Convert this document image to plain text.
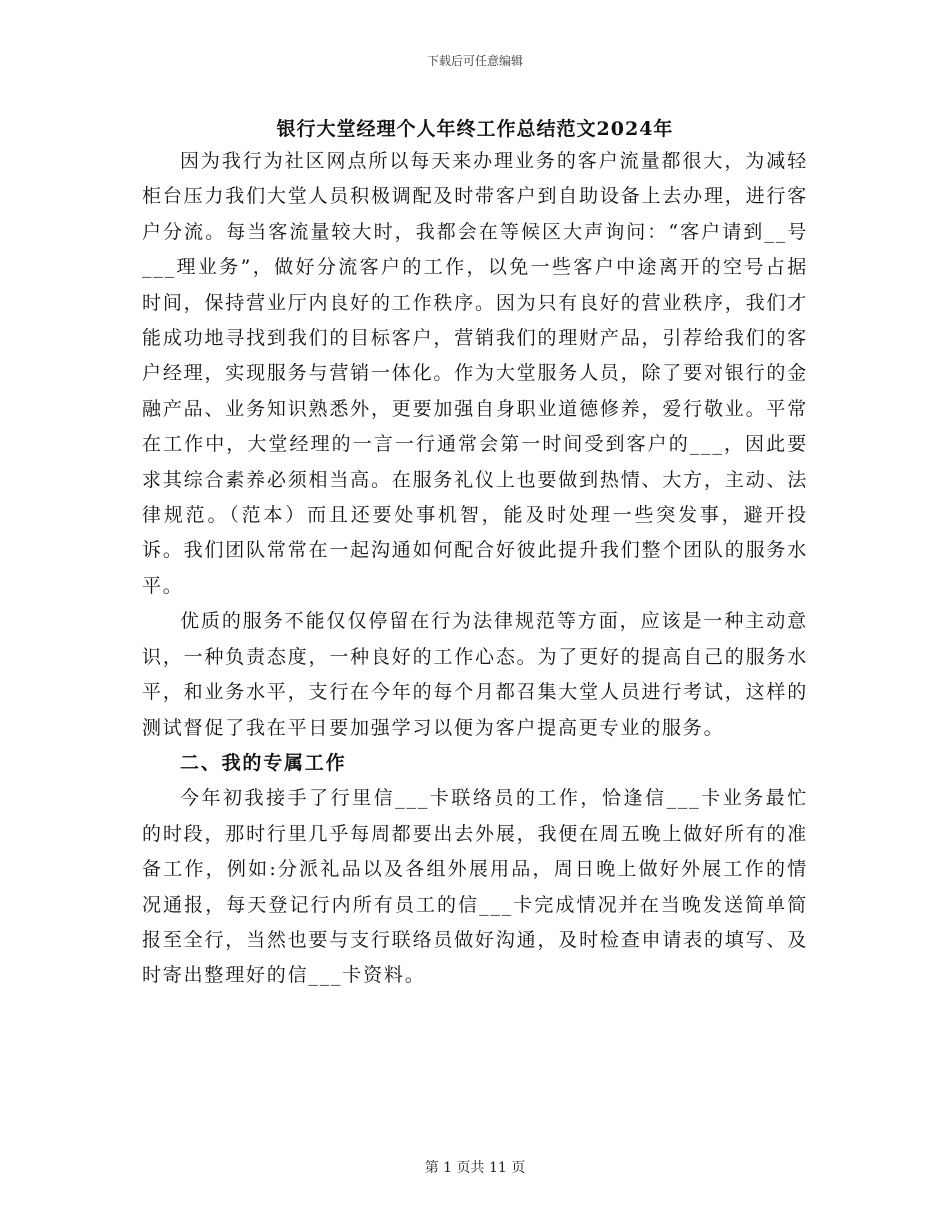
下载后可任意编辑
银行大堂经理个人年终工作总结范文2024年

因为我行为社区网点所以每天来办理业务的客户流量都很大，为减轻柜台压力我们大堂人员积极调配及时带客户到自助设备上去办理，进行客户分流。每当客流量较大时，我都会在等候区大声询问：“客户请到__号___理业务”，做好分流客户的工作，以免一些客户中途离开的空号占据时间，保持营业厅内良好的工作秩序。因为只有良好的营业秩序，我们才能成功地寻找到我们的目标客户，营销我们的理财产品，引荐给我们的客户经理，实现服务与营销一体化。作为大堂服务人员，除了要对银行的金融产品、业务知识熟悉外，更要加强自身职业道德修养，爱行敬业。平常在工作中，大堂经理的一言一行通常会第一时间受到客户的___，因此要求其综合素养必须相当高。在服务礼仪上也要做到热情、大方，主动、法律规范。（范本）而且还要处事机智，能及时处理一些突发事，避开投诉。我们团队常常在一起沟通如何配合好彼此提升我们整个团队的服务水平。

优质的服务不能仅仅停留在行为法律规范等方面，应该是一种主动意识，一种负责态度，一种良好的工作心态。为了更好的提高自己的服务水平，和业务水平，支行在今年的每个月都召集大堂人员进行考试，这样的测试督促了我在平日要加强学习以便为客户提高更专业的服务。

二、我的专属工作

今年初我接手了行里信___卡联络员的工作，恰逢信___卡业务最忙的时段，那时行里几乎每周都要出去外展，我便在周五晚上做好所有的准备工作，例如:分派礼品以及各组外展用品，周日晚上做好外展工作的情况通报，每天登记行内所有员工的信___卡完成情况并在当晚发送简单简报至全行，当然也要与支行联络员做好沟通，及时检查申请表的填写、及时寄出整理好的信___卡资料。

第 1 页共 11 页
